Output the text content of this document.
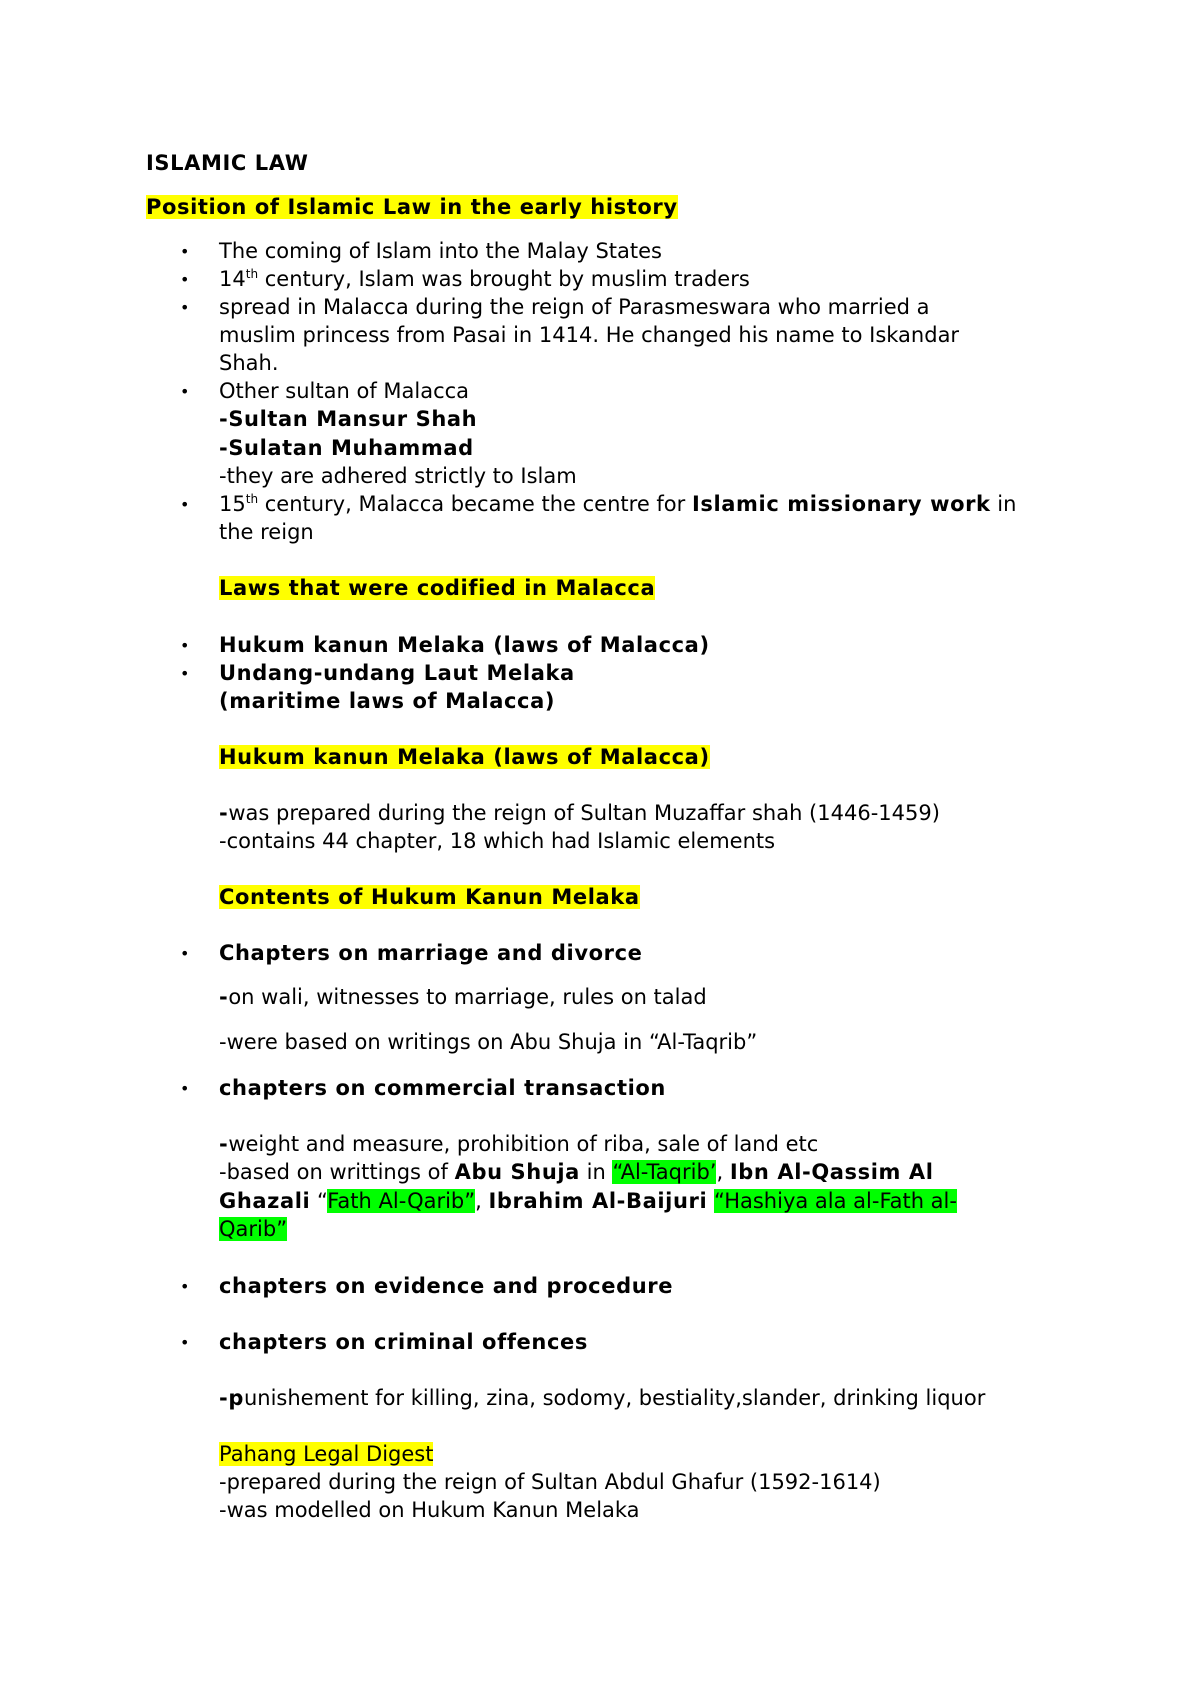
ISLAMIC LAW
Position of Islamic Law in the early history
• The coming of Islam into the Malay States
• 14th century, Islam was brought by muslim traders
• spread in Malacca during the reign of Parasmeswara who married a
muslim princess from Pasai in 1414. He changed his name to Iskandar
Shah.
• Other sultan of Malacca
-Sultan Mansur Shah
-Sulatan Muhammad
-they are adhered strictly to Islam
• 15th century, Malacca became the centre for Islamic missionary work in
the reign
Laws that were codified in Malacca
• Hukum kanun Melaka (laws of Malacca)
• Undang-undang Laut Melaka
(maritime laws of Malacca)
Hukum kanun Melaka (laws of Malacca)
-was prepared during the reign of Sultan Muzaffar shah (1446-1459)
-contains 44 chapter, 18 which had Islamic elements
Contents of Hukum Kanun Melaka
• Chapters on marriage and divorce
-on wali, witnesses to marriage, rules on talad
-were based on writings on Abu Shuja in “Al-Taqrib”
• chapters on commercial transaction
-weight and measure, prohibition of riba, sale of land etc
-based on writtings of Abu Shuja in “Al-Taqrib’, Ibn Al-Qassim Al
Ghazali “Fath Al-Qarib”, Ibrahim Al-Baijuri “Hashiya ala al-Fath al-
Qarib”
• chapters on evidence and procedure
• chapters on criminal offences
-punishement for killing, zina, sodomy, bestiality,slander, drinking liquor
Pahang Legal Digest
-prepared during the reign of Sultan Abdul Ghafur (1592-1614)
-was modelled on Hukum Kanun Melaka
